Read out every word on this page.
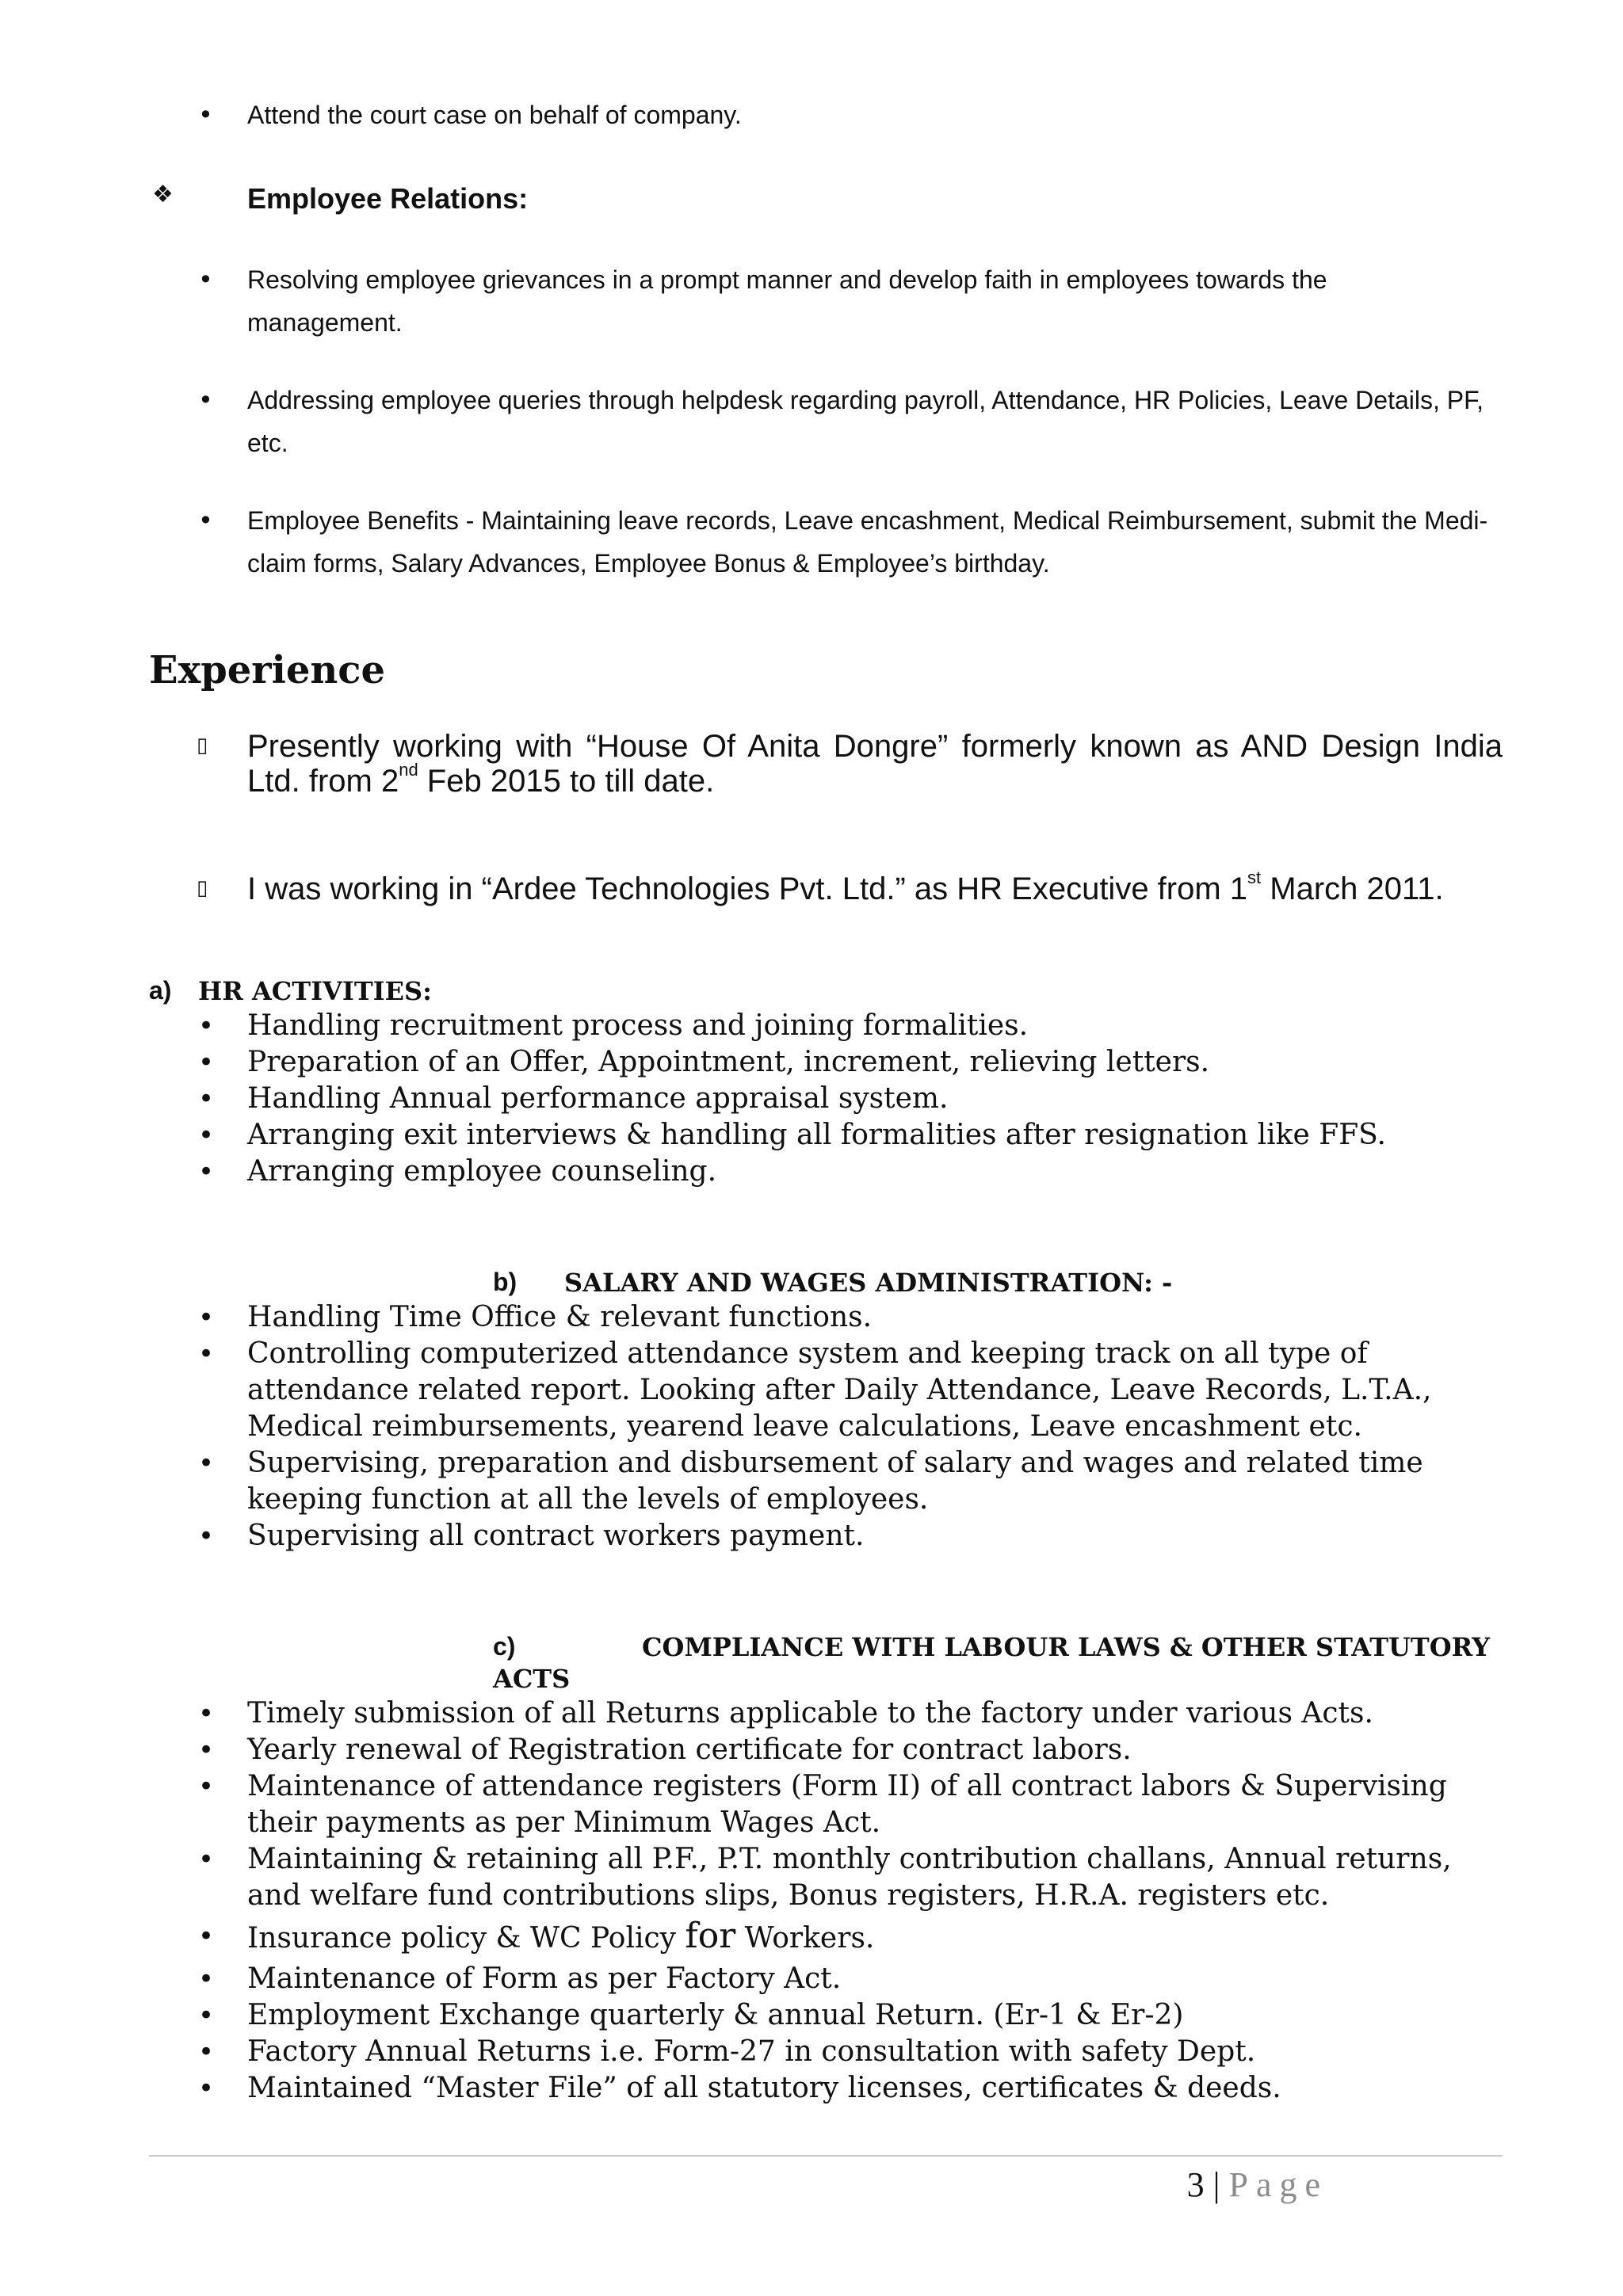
• Attend the court case on behalf of company.
❖	Employee Relations:
• Resolving employee grievances in a prompt manner and develop faith in employees towards the management.
• Addressing employee queries through helpdesk regarding payroll, Attendance, HR Policies, Leave Details, PF, etc.
• Employee Benefits - Maintaining leave records, Leave encashment, Medical Reimbursement, submit the Medi-claim forms, Salary Advances, Employee Bonus & Employee’s birthday.
Experience
▯ Presently working with “House Of Anita Dongre” formerly known as AND Design India Ltd. from 2nd Feb 2015 to till date.
▯ I was working in “Ardee Technologies Pvt. Ltd.” as HR Executive from 1st March 2011.
a) HR ACTIVITIES:
• Handling recruitment process and joining formalities.
• Preparation of an Offer, Appointment, increment, relieving letters.
• Handling Annual performance appraisal system.
• Arranging exit interviews & handling all formalities after resignation like FFS.
• Arranging employee counseling.
b) SALARY AND WAGES ADMINISTRATION: -
• Handling Time Office & relevant functions.
• Controlling computerized attendance system and keeping track on all type of attendance related report. Looking after Daily Attendance, Leave Records, L.T.A., Medical reimbursements, yearend leave calculations, Leave encashment etc.
• Supervising, preparation and disbursement of salary and wages and related time keeping function at all the levels of employees.
• Supervising all contract workers payment.
c)	COMPLIANCE WITH LABOUR LAWS & OTHER STATUTORY
ACTS
• Timely submission of all Returns applicable to the factory under various Acts.
• Yearly renewal of Registration certificate for contract labors.
• Maintenance of attendance registers (Form II) of all contract labors & Supervising their payments as per Minimum Wages Act.
• Maintaining & retaining all P.F., P.T. monthly contribution challans, Annual returns, and welfare fund contributions slips, Bonus registers, H.R.A. registers etc.
• Insurance policy & WC Policy for Workers.
• Maintenance of Form as per Factory Act.
• Employment Exchange quarterly & annual Return. (Er-1 & Er-2)
• Factory Annual Returns i.e. Form-27 in consultation with safety Dept.
• Maintained “Master File” of all statutory licenses, certificates & deeds.
3 | Page
